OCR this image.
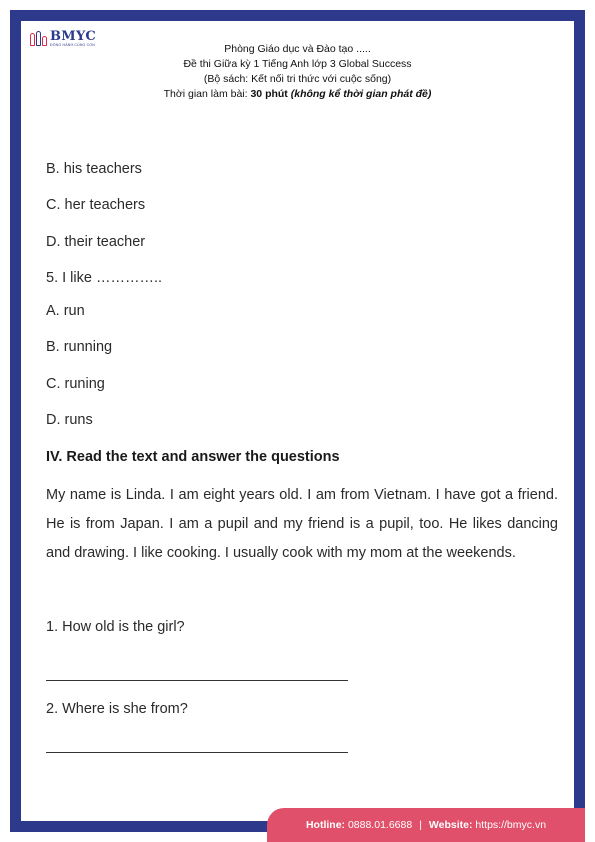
BMYC
ĐỒNG HÀNH CÙNG CON	Phòng Giáo dục và Đào tạo .....
Đề thi Giữa kỳ 1 Tiếng Anh lớp 3 Global Success
(Bộ sách: Kết nối tri thức với cuộc sống)
Thời gian làm bài: 30 phút (không kể thời gian phát đề)
B. his teachers
C. her teachers
D. their teacher
5. I like …………..
A. run
B. running
C. runing
D. runs
IV. Read the text and answer the questions
My name is Linda. I am eight years old. I am from Vietnam. I have got a friend. He is from Japan. I am a pupil and my friend is a pupil, too. He likes dancing and drawing. I like cooking. I usually cook with my mom at the weekends.
1. How old is the girl?
2. Where is she from?
Hotline:
0888.01.6688 | Website:
https://bmyc.vn
